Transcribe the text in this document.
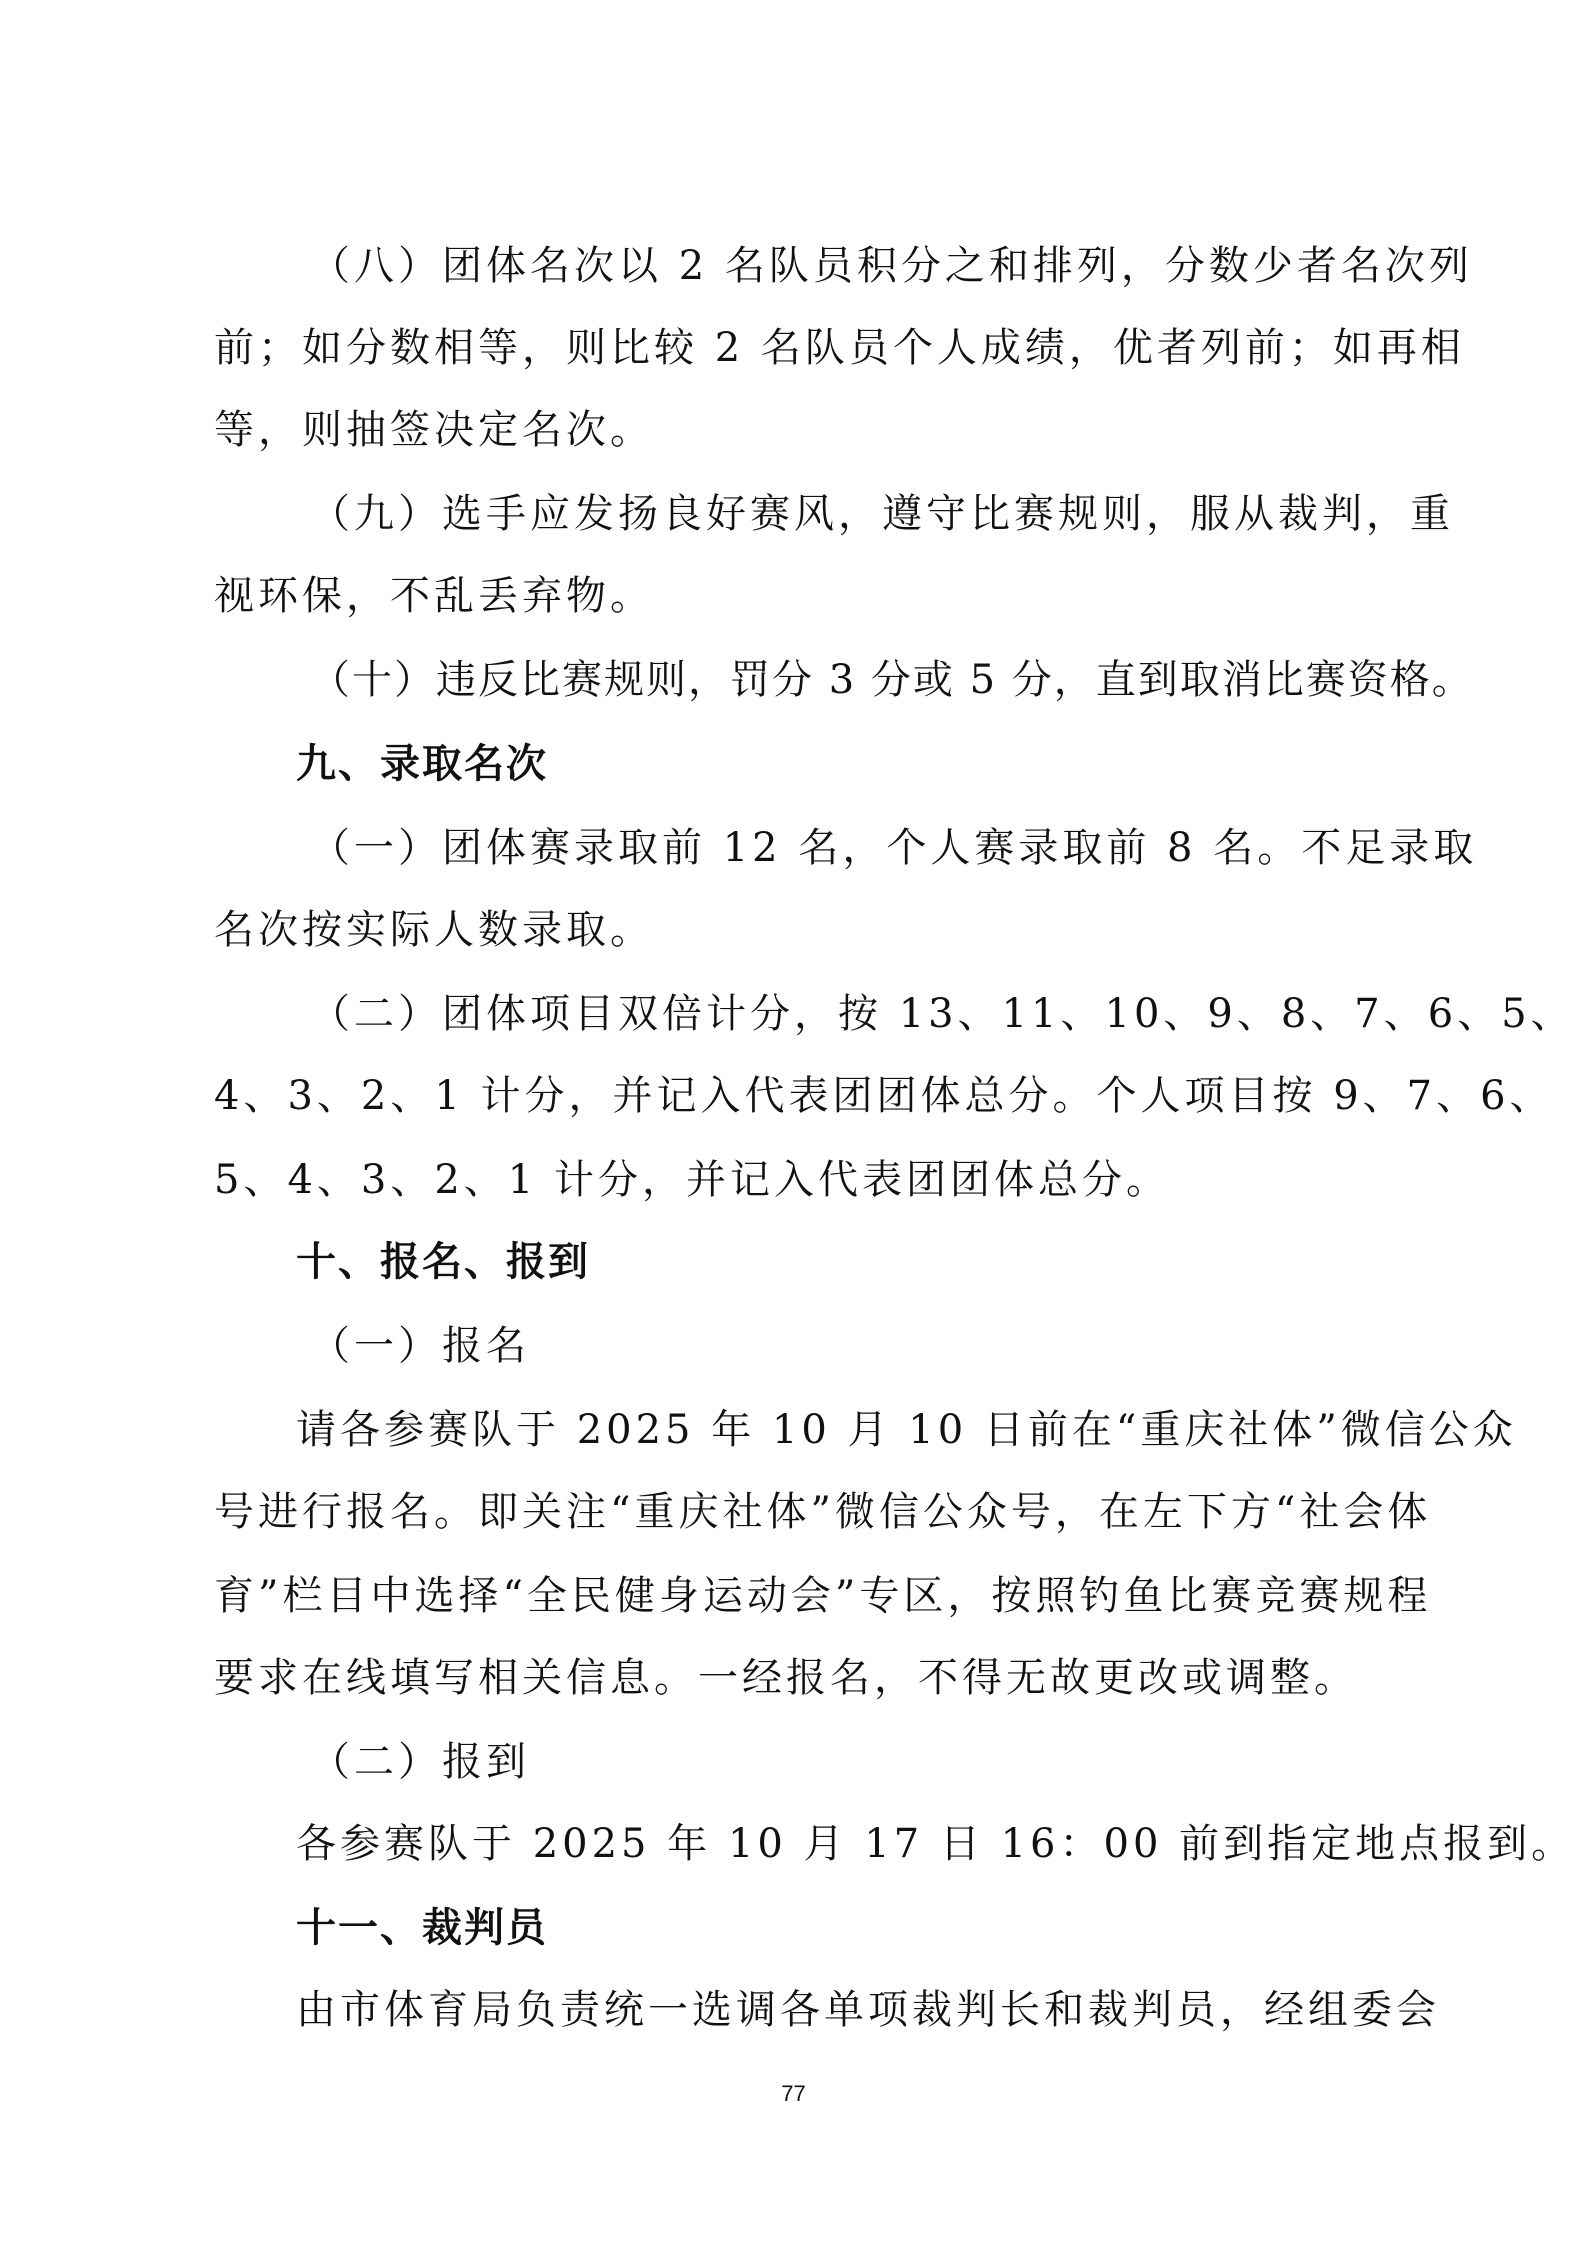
（八）团体名次以 2 名队员积分之和排列，分数少者名次列
前；如分数相等，则比较 2 名队员个人成绩，优者列前；如再相
等，则抽签决定名次。
（九）选手应发扬良好赛风，遵守比赛规则，服从裁判，重
视环保，不乱丢弃物。
（十）违反比赛规则，罚分 3 分或 5 分，直到取消比赛资格。
九、录取名次
（一）团体赛录取前 12 名，个人赛录取前 8 名。不足录取
名次按实际人数录取。
（二）团体项目双倍计分，按 13、11、10、9、8、7、6、5、
4、3、2、1 计分，并记入代表团团体总分。个人项目按 9、7、6、
5、4、3、2、1 计分，并记入代表团团体总分。
十、报名、报到
（一）报名
请各参赛队于 2025 年 10 月 10 日前在“重庆社体”微信公众
号进行报名。即关注“重庆社体”微信公众号，在左下方“社会体
育”栏目中选择“全民健身运动会”专区，按照钓鱼比赛竞赛规程
要求在线填写相关信息。一经报名，不得无故更改或调整。
（二）报到
各参赛队于 2025 年 10 月 17 日 16：00 前到指定地点报到。
十一、裁判员
由市体育局负责统一选调各单项裁判长和裁判员，经组委会
77
